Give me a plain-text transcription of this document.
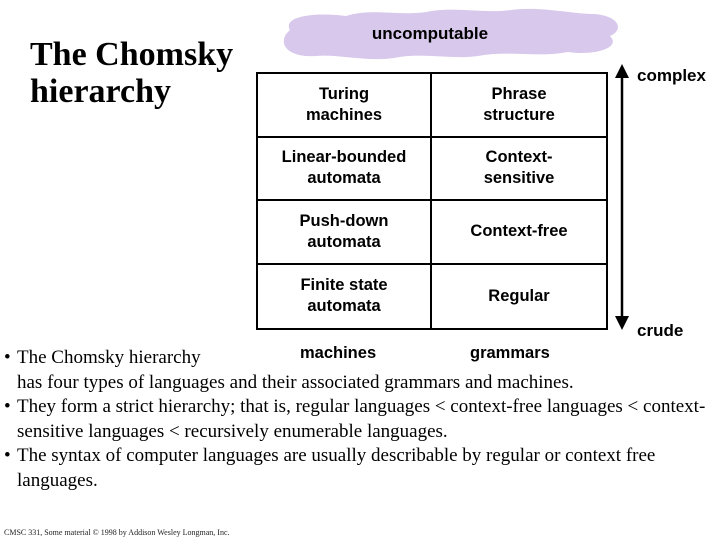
The Chomsky hierarchy
uncomputable
Turing
machines
Phrase
structure
Linear-bounded
automata
Context-
sensitive
Push-down
automata
Context-free
Finite state
automata
Regular
machines	grammars
complex
crude
• The Chomsky hierarchy
has four types of languages and their associated grammars and machines.
• They form a strict hierarchy; that is, regular languages < context-free languages < context-sensitive languages < recursively enumerable languages.
• The syntax of computer languages are usually describable by regular or context free languages.
CMSC 331, Some material © 1998 by Addison Wesley Longman, Inc.
